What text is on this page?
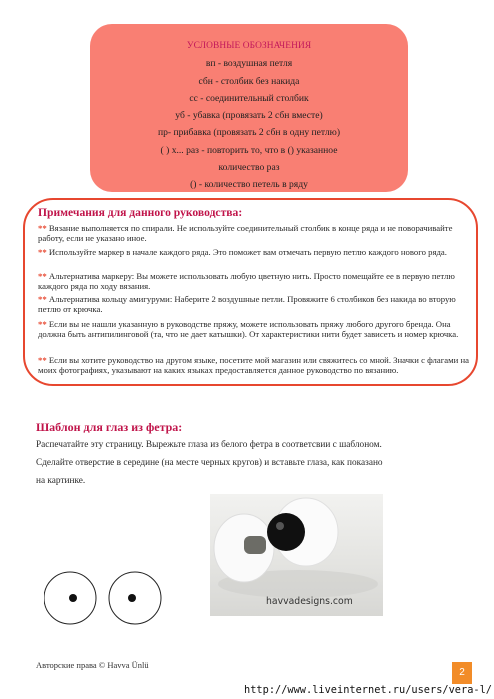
УСЛОВНЫЕ ОБОЗНАЧЕНИЯ
вп - воздушная петля
сбн - столбик без накида
сс - соединительный столбик
уб - убавка (провязать 2 сбн вместе)
пр- прибавка (провязать 2 сбн в одну петлю)
( ) х... раз - повторить то, что в () указанное
количество раз
() - количество петель в ряду
Примечания для данного руководства:
** Вязание выполняется по спирали. Не используйте соединительный столбик в конце ряда и не поворачивайте работу, если не указано иное.
** Используйте маркер в начале каждого ряда. Это поможет вам отмечать первую петлю каждого нового ряда.
** Альтернатива маркеру: Вы можете использовать любую цветную нить. Просто помещайте ее в первую петлю каждого ряда по ходу вязания.
** Альтернатива кольцу амигуруми: Наберите 2 воздушные петли. Провяжите 6 столбиков без накида во вторую петлю от крючка.
** Если вы не нашли указанную в руководстве пряжу, можете использовать пряжу любого другого бренда. Она должна быть антипилинговой (та, что не дает катышки). От характеристики нити будет зависеть и номер крючка.
** Если вы хотите руководство на другом языке, посетите мой магазин или свяжитесь со мной. Значки с флагами на моих фотографиях, указывают на каких языках предоставляется данное руководство по вязанию.
Шаблон для глаз из фетра:
Распечатайте эту страницу. Вырежьте глаза из белого фетра в соответсвии с шаблоном.
Сделайте отверстие в середине (на месте черных кругов) и вставьте глаза, как показано
на картинке.
havvadesigns.com
Авторские права © Havva Ünlü
2
http://www.liveinternet.ru/users/vera-l/
